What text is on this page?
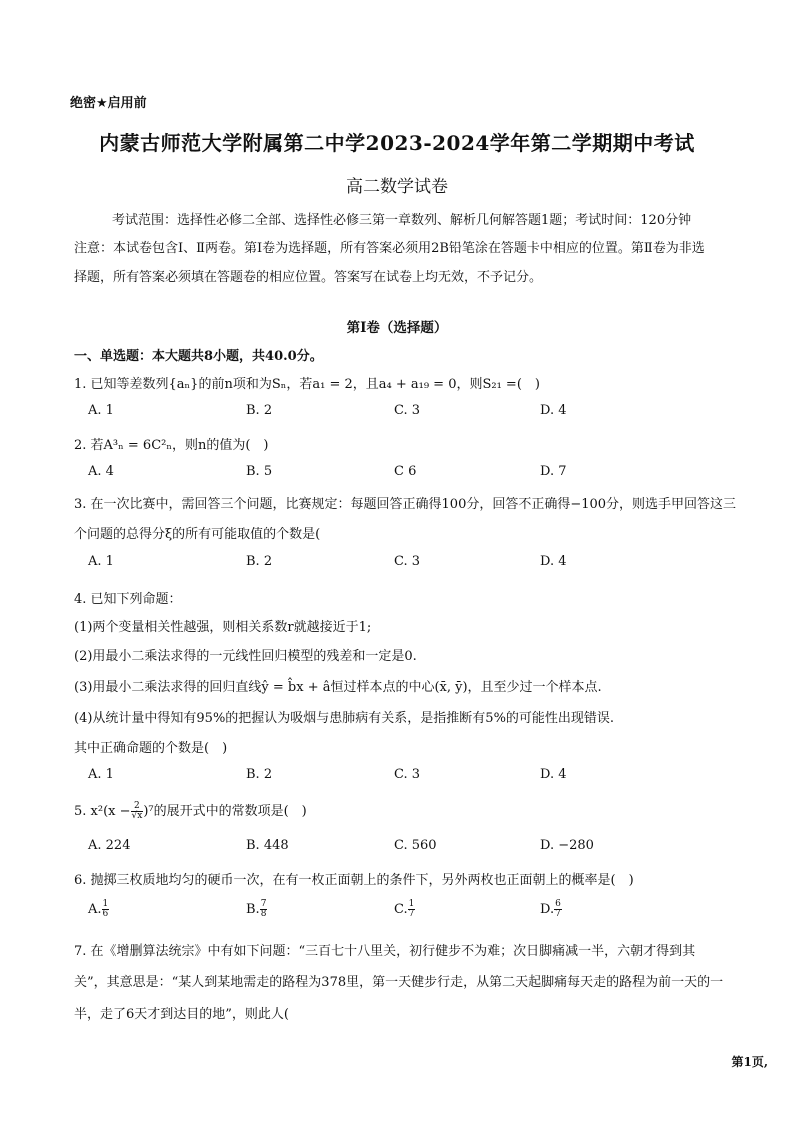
绝密★启用前
内蒙古师范大学附属第二中学2023-2024学年第二学期期中考试
高二数学试卷
考试范围：选择性必修二全部、选择性必修三第一章数列、解析几何解答题1题；考试时间：120分钟
注意：本试卷包含Ⅰ、Ⅱ两卷。第Ⅰ卷为选择题，所有答案必须用2B铅笔涂在答题卡中相应的位置。第Ⅱ卷为非选
择题，所有答案必须填在答题卷的相应位置。答案写在试卷上均无效，不予记分。
第Ⅰ卷（选择题）
一、单选题：本大题共8小题，共40.0分。
1. 已知等差数列{aₙ}的前n项和为Sₙ，若a₁ = 2，且a₄ + a₁₉ = 0，则S₂₁ =(　)
A. 1	B. 2	C. 3	D. 4
2. 若A³ₙ = 6C²ₙ，则n的值为(　)
A. 4	B. 5	C 6	D. 7
3. 在一次比赛中，需回答三个问题，比赛规定：每题回答正确得100分，回答不正确得−100分，则选手甲回答这三
个问题的总得分ξ的所有可能取值的个数是(
A. 1	B. 2	C. 3	D. 4
4. 已知下列命题：
(1)两个变量相关性越强，则相关系数r就越接近于1;
(2)用最小二乘法求得的一元线性回归模型的残差和一定是0.
(3)用最小二乘法求得的回归直线ŷ = b̂x + â恒过样本点的中心(x̄, ȳ)，且至少过一个样本点.
(4)从统计量中得知有95%的把握认为吸烟与患肺病有关系，是指推断有5%的可能性出现错误.
其中正确命题的个数是(　)
A. 1	B. 2	C. 3	D. 4
5. $x^2(x - \frac{2}{√x} )^7$的展开式中的常数项是(　)
A. 224	B. 448	C. 560	D. −280
6. 抛掷三枚质地均匀的硬币一次，在有一枚正面朝上的条件下，另外两枚也正面朝上的概率是(　)
A. $\frac{1}{6}$	B. $\frac{7}{8}$	C. $\frac{1}{7}$	D. $\frac{6}{7}$
7. 在《增删算法统宗》中有如下问题：“三百七十八里关，初行健步不为难；次日脚痛减一半，六朝才得到其
关”，其意思是：“某人到某地需走的路程为378里，第一天健步行走，从第二天起脚痛每天走的路程为前一天的一
半，走了6天才到达目的地”，则此人(　
第1页,
